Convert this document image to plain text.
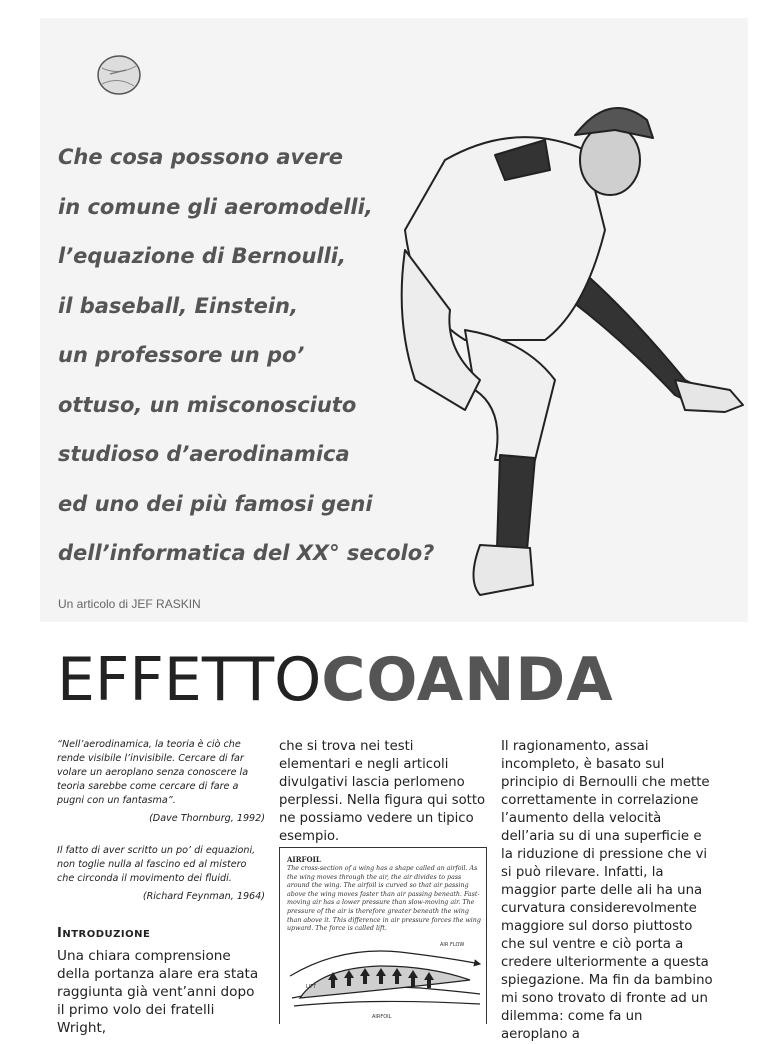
Che cosa possono avere
in comune gli aeromodelli,
l’equazione di Bernoulli,
il baseball, Einstein,
un professore un po’
ottuso, un misconosciuto
studioso d’aerodinamica
ed uno dei più famosi geni
dell’informatica del XX° secolo?
Un articolo di JEF RASKIN
EFFETTOCOANDA

“Nell’aerodinamica, la teoria è ciò che rende visibile l’invisibile. Cercare di far volare un aeroplano senza conoscere la teoria sarebbe come cercare di fare a pugni con un fantasma”.

(Dave Thornburg, 1992)

Il fatto di aver scritto un po’ di equazioni, non toglie nulla al fascino ed al mistero che circonda il movimento dei fluidi.

(Richard Feynman, 1964)

INTRODUZIONE

Una chiara comprensione della portanza alare era stata raggiunta già vent’anni dopo il primo volo dei fratelli Wright,

che si trova nei testi elementari e negli articoli divulgativi lascia perlomeno perplessi. Nella figura qui sotto ne possiamo vedere un tipico esempio.

AIRFOIL
The cross-section of a wing has a shape called an airfoil. As the wing moves through the air, the air divides to pass around the wing. The airfoil is curved so that air passing above the wing moves faster than air passing beneath. Fast-moving air has a lower pressure than slow-moving air. The pressure of the air is therefore greater beneath the wing than above it. This difference in air pressure forces the wing upward. The force is called lift.
AIR FLOW
LIFT
AIRFOIL

Il ragionamento, assai incompleto, è basato sul principio di Bernoulli che mette correttamente in correlazione l’aumento della velocità dell’aria su di una superficie e la riduzione di pressione che vi si può rilevare. Infatti, la maggior parte delle ali ha una curvatura considerevolmente maggiore sul dorso piuttosto che sul ventre e ciò porta a credere ulteriormente a questa spiegazione. Ma fin da bambino mi sono trovato di fronte ad un dilemma: come fa un aeroplano a
